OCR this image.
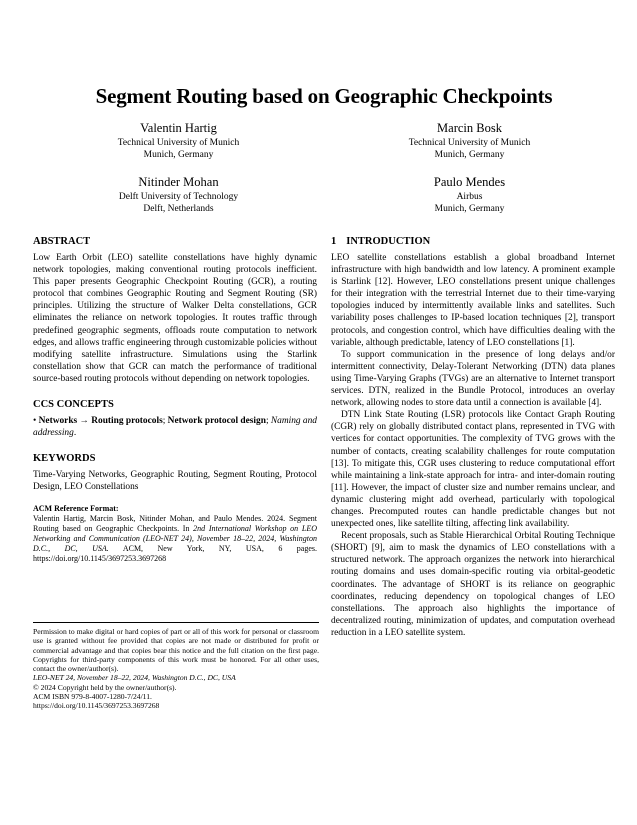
Segment Routing based on Geographic Checkpoints
Valentin Hartig
Technical University of Munich
Munich, Germany
Marcin Bosk
Technical University of Munich
Munich, Germany
Nitinder Mohan
Delft University of Technology
Delft, Netherlands
Paulo Mendes
Airbus
Munich, Germany
ABSTRACT

Low Earth Orbit (LEO) satellite constellations have highly dynamic network topologies, making conventional routing protocols inefficient. This paper presents Geographic Checkpoint Routing (GCR), a routing protocol that combines Geographic Routing and Segment Routing (SR) principles. Utilizing the structure of Walker Delta constellations, GCR eliminates the reliance on network topologies. It routes traffic through predefined geographic segments, offloads route computation to network edges, and allows traffic engineering through customizable policies without modifying satellite infrastructure. Simulations using the Starlink constellation show that GCR can match the performance of traditional source-based routing protocols without depending on network topologies.

CCS CONCEPTS

• Networks → Routing protocols; Network protocol design; Naming and addressing.

KEYWORDS

Time-Varying Networks, Geographic Routing, Segment Routing, Protocol Design, LEO Constellations

ACM Reference Format:

Valentin Hartig, Marcin Bosk, Nitinder Mohan, and Paulo Mendes. 2024. Segment Routing based on Geographic Checkpoints. In 2nd International Workshop on LEO Networking and Communication (LEO-NET 24), November 18–22, 2024, Washington D.C., DC, USA. ACM, New York, NY, USA, 6 pages. https://doi.org/10.1145/3697253.3697268

1 INTRODUCTION

LEO satellite constellations establish a global broadband Internet infrastructure with high bandwidth and low latency. A prominent example is Starlink [12]. However, LEO constellations present unique challenges for their integration with the terrestrial Internet due to their time-varying topologies induced by intermittently available links and satellites. Such variability poses challenges to IP-based location techniques [2], transport protocols, and congestion control, which have difficulties dealing with the variable, although predictable, latency of LEO constellations [1].

To support communication in the presence of long delays and/or intermittent connectivity, Delay-Tolerant Networking (DTN) data planes using Time-Varying Graphs (TVGs) are an alternative to Internet transport services. DTN, realized in the Bundle Protocol, introduces an overlay network, allowing nodes to store data until a connection is available [4].

DTN Link State Routing (LSR) protocols like Contact Graph Routing (CGR) rely on globally distributed contact plans, represented in TVG with vertices for contact opportunities. The complexity of TVG grows with the number of contacts, creating scalability challenges for route computation [13]. To mitigate this, CGR uses clustering to reduce computational effort while maintaining a link-state approach for intra- and inter-domain routing [11]. However, the impact of cluster size and number remains unclear, and dynamic clustering might add overhead, particularly with topological changes. Precomputed routes can handle predictable changes but not unexpected ones, like satellite tilting, affecting link availability.

Recent proposals, such as Stable Hierarchical Orbital Routing Technique (SHORT) [9], aim to mask the dynamics of LEO constellations with a structured network. The approach organizes the network into hierarchical routing domains and uses domain-specific routing via orbital-geodetic coordinates. The advantage of SHORT is its reliance on geographic coordinates, reducing dependency on topological changes of LEO constellations. The approach also highlights the importance of decentralized routing, minimization of updates, and computation overhead reduction in a LEO satellite system.

Permission to make digital or hard copies of part or all of this work for personal or classroom use is granted without fee provided that copies are not made or distributed for profit or commercial advantage and that copies bear this notice and the full citation on the first page. Copyrights for third-party components of this work must be honored. For all other uses, contact the owner/author(s).

LEO-NET 24, November 18–22, 2024, Washington D.C., DC, USA

© 2024 Copyright held by the owner/author(s).

ACM ISBN 979-8-4007-1280-7/24/11.

https://doi.org/10.1145/3697253.3697268
